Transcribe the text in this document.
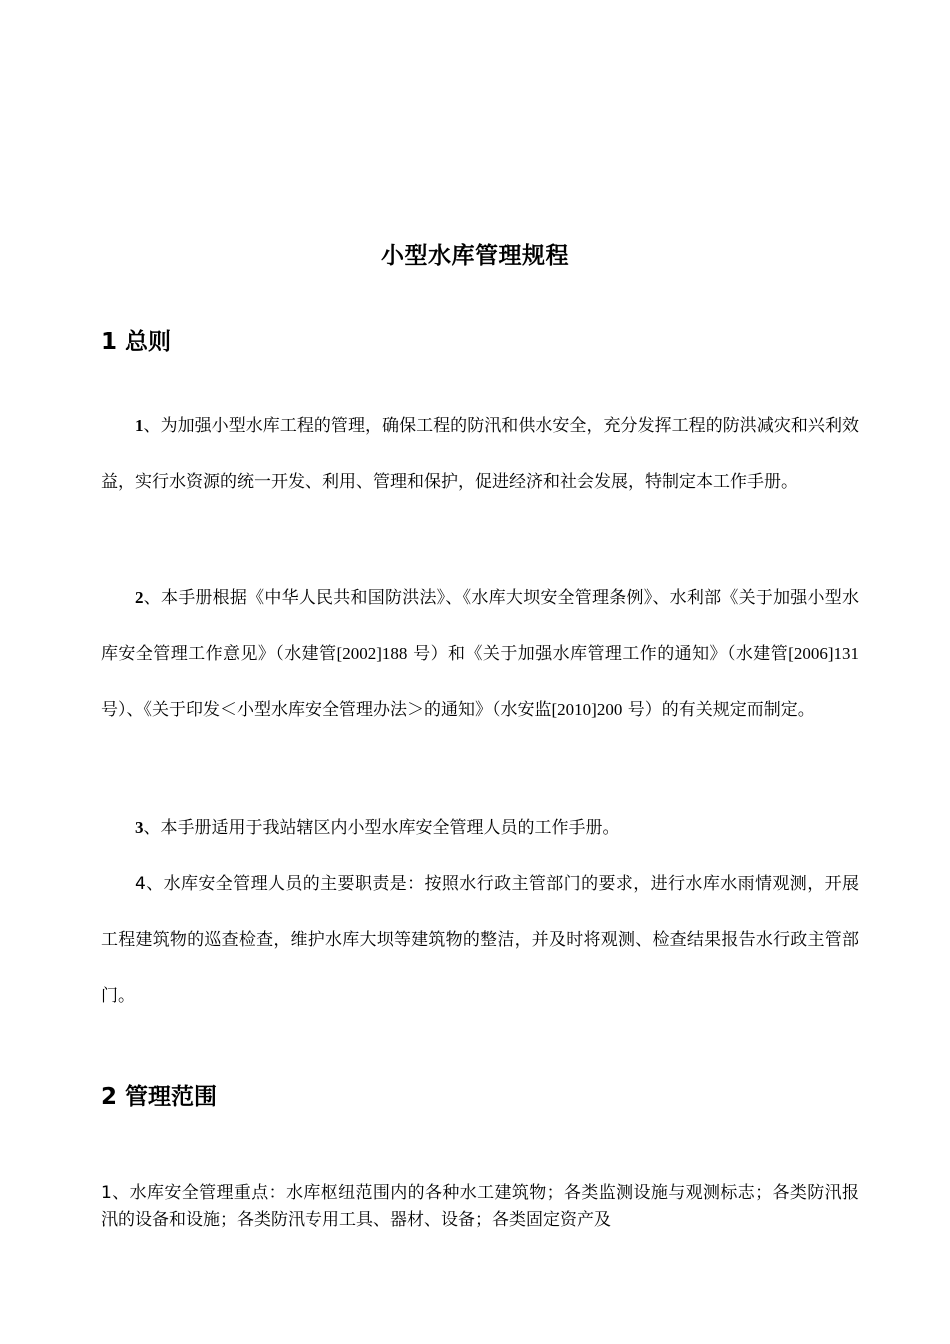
小型水库管理规程
1 总则

1、为加强小型水库工程的管理，确保工程的防汛和供水安全，充分发挥工程的防洪减灾和兴利效益，实行水资源的统一开发、利用、管理和保护，促进经济和社会发展，特制定本工作手册。

2、本手册根据《中华人民共和国防洪法》、《水库大坝安全管理条例》、水利部《关于加强小型水库安全管理工作意见》（水建管[2002]188 号）和《关于加强水库管理工作的通知》（水建管[2006]131 号）、《关于印发＜小型水库安全管理办法＞的通知》（水安监[2010]200 号）的有关规定而制定。

3、本手册适用于我站辖区内小型水库安全管理人员的工作手册。

4、水库安全管理人员的主要职责是：按照水行政主管部门的要求，进行水库水雨情观测，开展工程建筑物的巡查检查，维护水库大坝等建筑物的整洁，并及时将观测、检查结果报告水行政主管部门。

2 管理范围

1、水库安全管理重点：水库枢纽范围内的各种水工建筑物；各类监测设施与观测标志；各类防汛报汛的设备和设施；各类防汛专用工具、器材、设备；各类固定资产及
